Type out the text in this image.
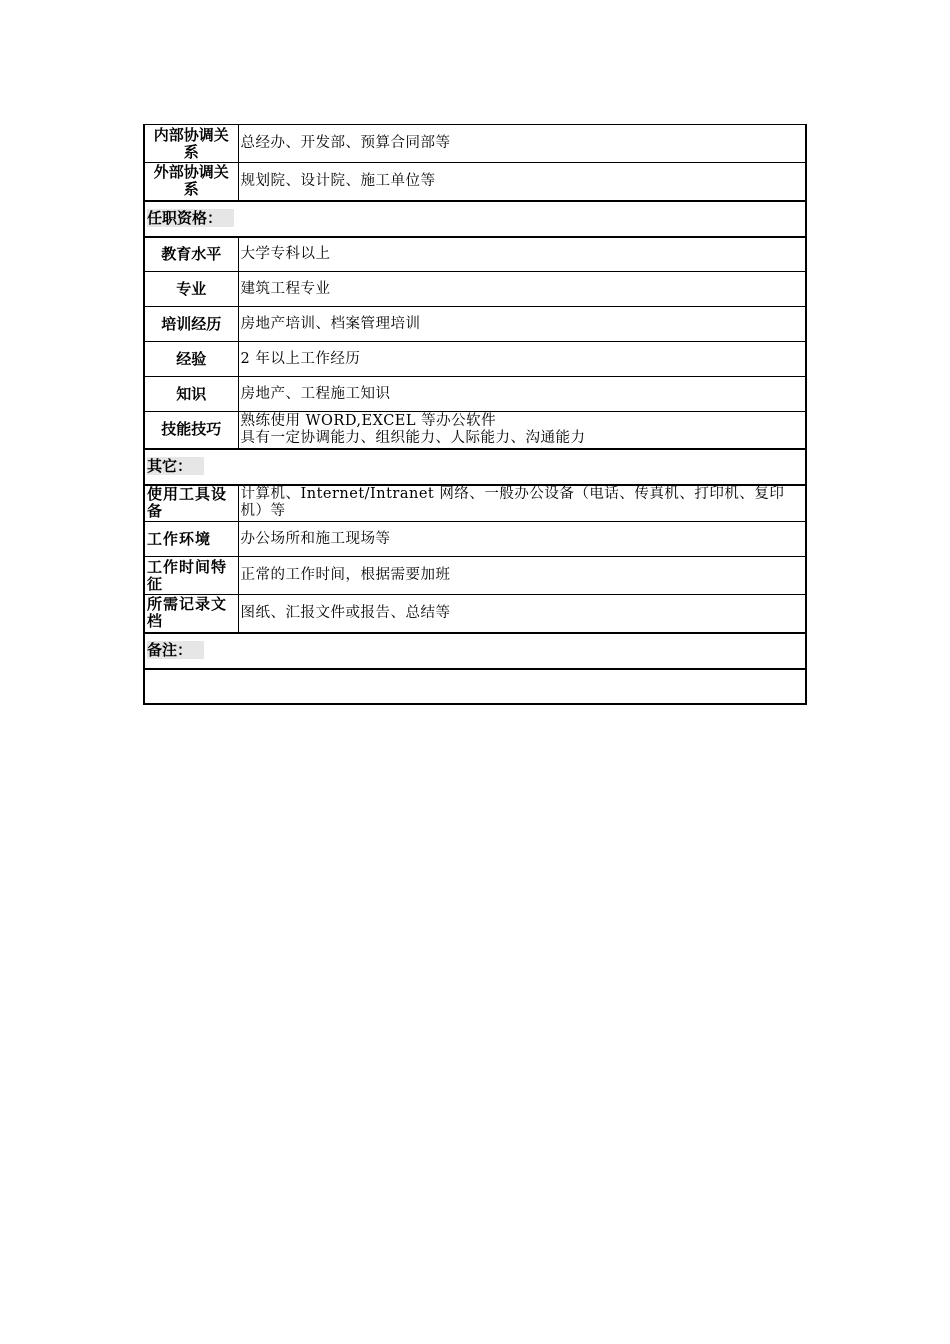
内部协调关系	总经办、开发部、预算合同部等
外部协调关系	规划院、设计院、施工单位等
任职资格：	
教育水平	大学专科以上
专业	建筑工程专业
培训经历	房地产培训、档案管理培训
经验	2 年以上工作经历
知识	房地产、工程施工知识
技能技巧	熟练使用 WORD,EXCEL 等办公软件
具有一定协调能力、组织能力、人际能力、沟通能力

其它：	
使用工具设备	计算机、Internet/Intranet 网络、一般办公设备（电话、传真机、打印机、复印机）等
工作环境	办公场所和施工现场等
工作时间特征	正常的工作时间，根据需要加班
所需记录文档	图纸、汇报文件或报告、总结等
备注：	
